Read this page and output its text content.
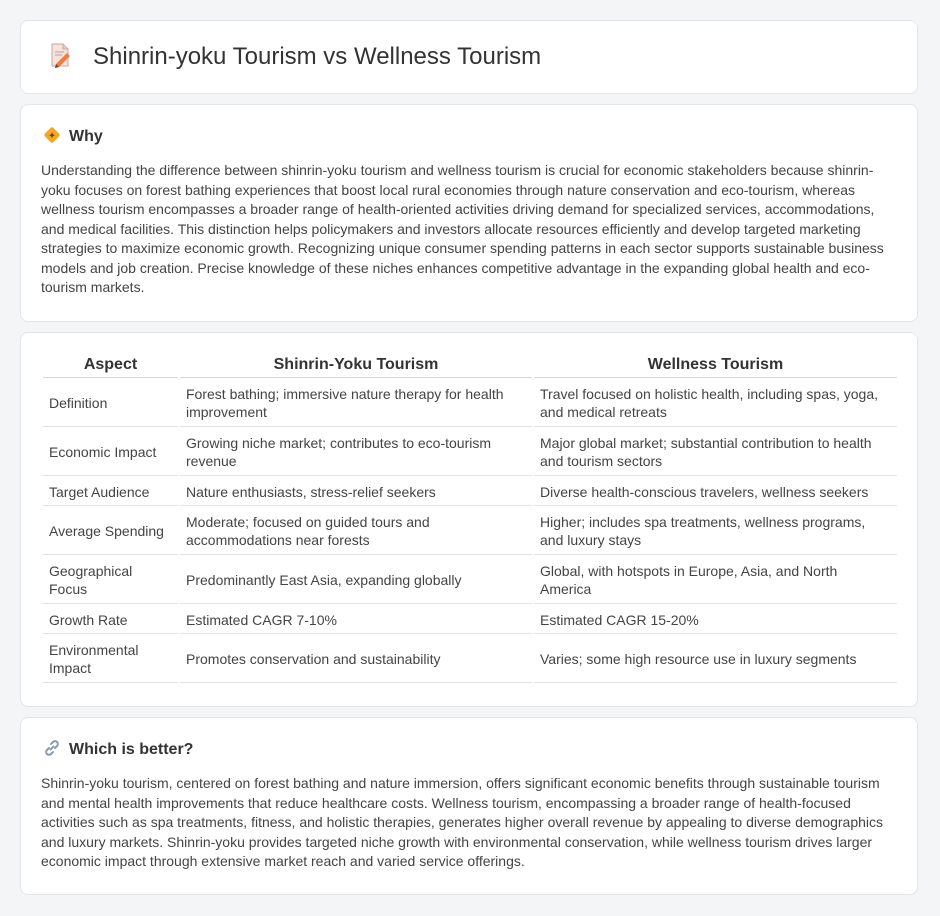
Shinrin-yoku Tourism vs Wellness Tourism
✦ Why
Understanding the difference between shinrin-yoku tourism and wellness tourism is crucial for economic stakeholders because shinrin-yoku focuses on forest bathing experiences that boost local rural economies through nature conservation and eco-tourism, whereas wellness tourism encompasses a broader range of health-oriented activities driving demand for specialized services, accommodations, and medical facilities. This distinction helps policymakers and investors allocate resources efficiently and develop targeted marketing strategies to maximize economic growth. Recognizing unique consumer spending patterns in each sector supports sustainable business models and job creation. Precise knowledge of these niches enhances competitive advantage in the expanding global health and eco-tourism markets.
Aspect	Shinrin-Yoku Tourism	Wellness Tourism
Definition	Forest bathing; immersive nature therapy for health improvement	Travel focused on holistic health, including spas, yoga, and medical retreats
Economic Impact	Growing niche market; contributes to eco-tourism revenue	Major global market; substantial contribution to health and tourism sectors
Target Audience	Nature enthusiasts, stress-relief seekers	Diverse health-conscious travelers, wellness seekers
Average Spending	Moderate; focused on guided tours and accommodations near forests	Higher; includes spa treatments, wellness programs, and luxury stays
Geographical Focus	Predominantly East Asia, expanding globally	Global, with hotspots in Europe, Asia, and North America
Growth Rate	Estimated CAGR 7-10%	Estimated CAGR 15-20%
Environmental Impact	Promotes conservation and sustainability	Varies; some high resource use in luxury segments
Which is better?
Shinrin-yoku tourism, centered on forest bathing and nature immersion, offers significant economic benefits through sustainable tourism and mental health improvements that reduce healthcare costs. Wellness tourism, encompassing a broader range of health-focused activities such as spa treatments, fitness, and holistic therapies, generates higher overall revenue by appealing to diverse demographics and luxury markets. Shinrin-yoku provides targeted niche growth with environmental conservation, while wellness tourism drives larger economic impact through extensive market reach and varied service offerings.
